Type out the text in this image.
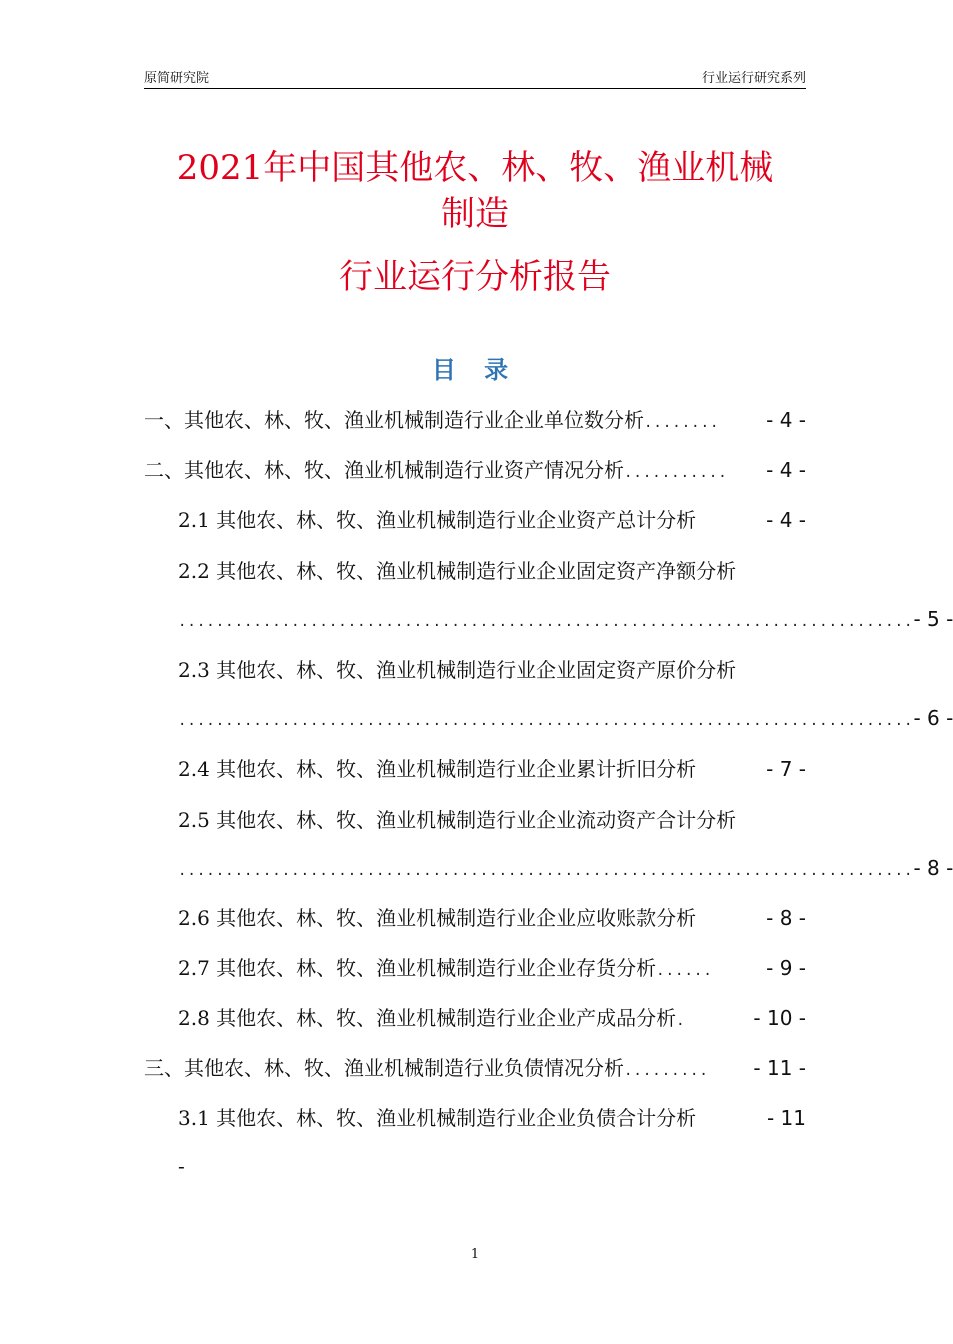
原简研究院	行业运行研究系列
2021年中国其他农、林、牧、渔业机械
制造
行业运行分析报告
目 录
一、其他农、林、牧、渔业机械制造行业企业单位数分析 ........	- 4 -
二、其他农、林、牧、渔业机械制造行业资产情况分析 ...........	- 4 -
2.1 其他农、林、牧、渔业机械制造行业企业资产总计分析	- 4 -
2.2 其他农、林、牧、渔业机械制造行业企业固定资产净额分析
.............................................................................. - 5 -
2.3 其他农、林、牧、渔业机械制造行业企业固定资产原价分析
.............................................................................. - 6 -
2.4 其他农、林、牧、渔业机械制造行业企业累计折旧分析	- 7 -
2.5 其他农、林、牧、渔业机械制造行业企业流动资产合计分析
.............................................................................. - 8 -
2.6 其他农、林、牧、渔业机械制造行业企业应收账款分析	- 8 -
2.7 其他农、林、牧、渔业机械制造行业企业存货分析 ......	- 9 -
2.8 其他农、林、牧、渔业机械制造行业企业产成品分析 .	- 10 -
三、其他农、林、牧、渔业机械制造行业负债情况分析 .........	- 11 -
3.1 其他农、林、牧、渔业机械制造行业企业负债合计分析	- 11
-
1
